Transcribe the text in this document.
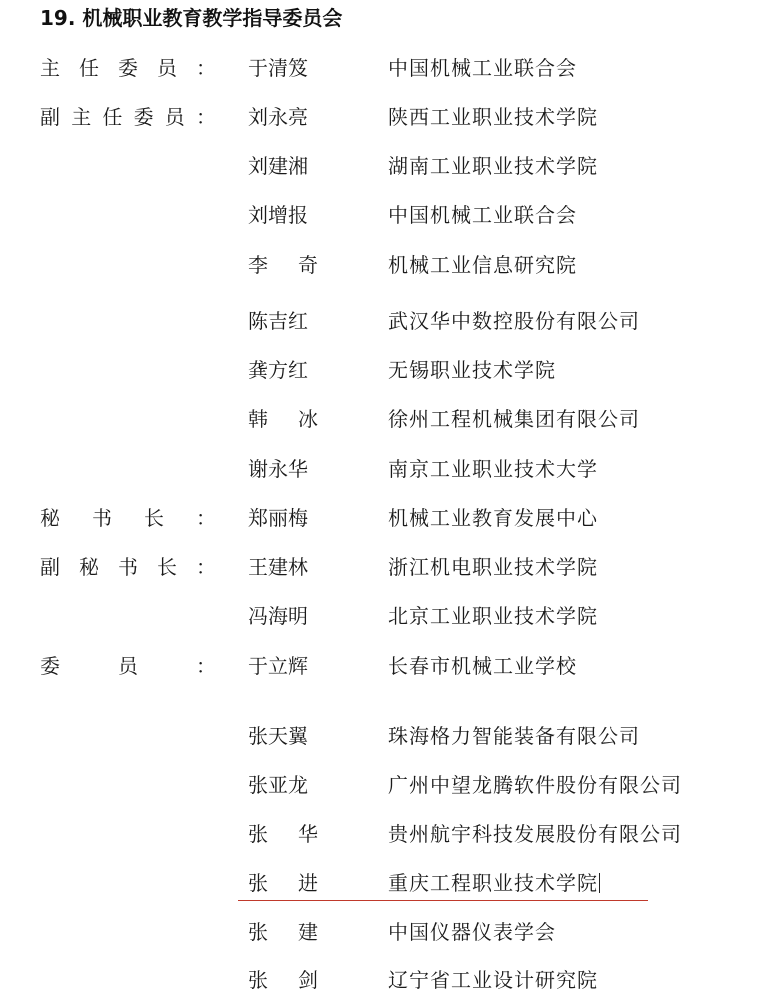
19. 机械职业教育教学指导委员会
主 任 委 员 ： 于清笈	中国机械工业联合会
副 主 任 委 员 ： 刘永亮	陕西工业职业技术学院
刘建湘	湖南工业职业技术学院
刘增报	中国机械工业联合会
李 奇	机械工业信息研究院
陈吉红	武汉华中数控股份有限公司
龚方红	无锡职业技术学院
韩 冰	徐州工程机械集团有限公司
谢永华	南京工业职业技术大学
秘 书 长 ： 郑丽梅	机械工业教育发展中心
副 秘 书 长 ： 王建林	浙江机电职业技术学院
冯海明	北京工业职业技术学院
委	员	： 于立辉	长春市机械工业学校
张天翼	珠海格力智能装备有限公司
张亚龙	广州中望龙腾软件股份有限公司
张 华	贵州航宇科技发展股份有限公司
张 进	重庆工程职业技术学院
张 建	中国仪器仪表学会
张 剑	辽宁省工业设计研究院
